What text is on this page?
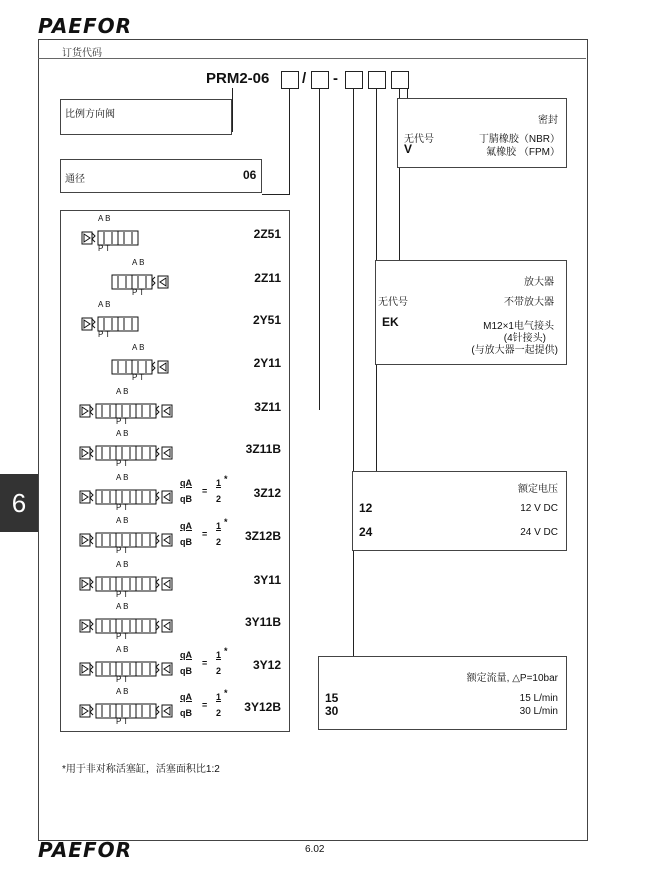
PAEFOR
订货代码
6
PRM2-06 / -
比例方向阀
通径	06
A B
P T
2Z51
A B
P T
2Z11
A B
P T
2Y51
A B
P T
2Y11
A B
P T
3Z11
A B
P T
3Z11B
A B
P T
qA
qB
=
1
2
*
3Z12
A B
P T
qA
qB
=
1
2
*
3Z12B
A B
P T
3Y11
A B
P T
3Y11B
A B
P T
qA
qB
=
1
2
*
3Y12
A B
P T
qA
qB
=
1
2
*
3Y12B
密封
无代号	丁腈橡胶（NBR）
V	氟橡胶 （FPM）
放大器
无代号	不带放大器
EK	M12×1电气接头
(4针接头)
(与放大器一起提供)
额定电压
12	12 V DC
24	24 V DC
额定流量, △P=10bar
15	15 L/min
30	30 L/min
*用于非对称活塞缸，活塞面积比1:2
6.02
PAEFOR
